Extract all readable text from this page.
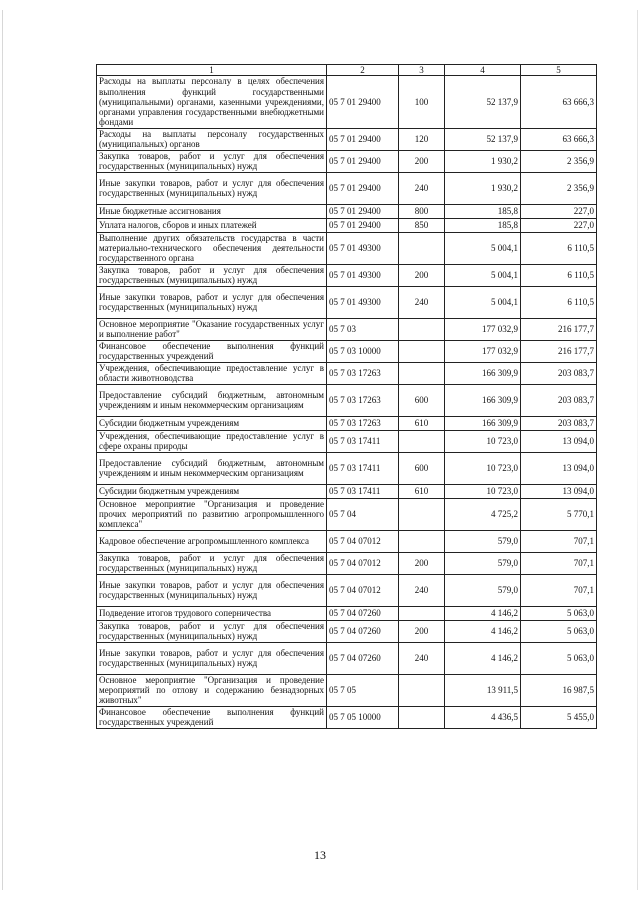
1	2	3	4	5
Расходы на выплаты персоналу в целях обеспечения выполнения функций государственными (муниципальными) органами, казенными учреждениями, органами управления государственными внебюджетными фондами	05 7 01 29400	100	52 137,9	63 666,3
Расходы на выплаты персоналу государственных (муниципальных) органов	05 7 01 29400	120	52 137,9	63 666,3
Закупка товаров, работ и услуг для обеспечения государственных (муниципальных) нужд	05 7 01 29400	200	1 930,2	2 356,9
Иные закупки товаров, работ и услуг для обеспечения государственных (муниципальных) нужд	05 7 01 29400	240	1 930,2	2 356,9
Иные бюджетные ассигнования	05 7 01 29400	800	185,8	227,0
Уплата налогов, сборов и иных платежей	05 7 01 29400	850	185,8	227,0
Выполнение других обязательств государства в части материально-технического обеспечения деятельности государственного органа	05 7 01 49300		5 004,1	6 110,5
Закупка товаров, работ и услуг для обеспечения государственных (муниципальных) нужд	05 7 01 49300	200	5 004,1	6 110,5
Иные закупки товаров, работ и услуг для обеспечения государственных (муниципальных) нужд	05 7 01 49300	240	5 004,1	6 110,5
Основное мероприятие "Оказание государственных услуг и выполнение работ"	05 7 03		177 032,9	216 177,7
Финансовое обеспечение выполнения функций государственных учреждений	05 7 03 10000		177 032,9	216 177,7
Учреждения, обеспечивающие предоставление услуг в области животноводства	05 7 03 17263		166 309,9	203 083,7
Предоставление субсидий бюджетным, автономным учреждениям и иным некоммерческим организациям	05 7 03 17263	600	166 309,9	203 083,7
Субсидии бюджетным учреждениям	05 7 03 17263	610	166 309,9	203 083,7
Учреждения, обеспечивающие предоставление услуг в сфере охраны природы	05 7 03 17411		10 723,0	13 094,0
Предоставление субсидий бюджетным, автономным учреждениям и иным некоммерческим организациям	05 7 03 17411	600	10 723,0	13 094,0
Субсидии бюджетным учреждениям	05 7 03 17411	610	10 723,0	13 094,0
Основное мероприятие "Организация и проведение прочих мероприятий по развитию агропромышленного комплекса"	05 7 04		4 725,2	5 770,1
Кадровое обеспечение агропромышленного комплекса	05 7 04 07012		579,0	707,1
Закупка товаров, работ и услуг для обеспечения государственных (муниципальных) нужд	05 7 04 07012	200	579,0	707,1
Иные закупки товаров, работ и услуг для обеспечения государственных (муниципальных) нужд	05 7 04 07012	240	579,0	707,1
Подведение итогов трудового соперничества	05 7 04 07260		4 146,2	5 063,0
Закупка товаров, работ и услуг для обеспечения государственных (муниципальных) нужд	05 7 04 07260	200	4 146,2	5 063,0
Иные закупки товаров, работ и услуг для обеспечения государственных (муниципальных) нужд	05 7 04 07260	240	4 146,2	5 063,0
Основное мероприятие "Организация и проведение мероприятий по отлову и содержанию безнадзорных животных"	05 7 05		13 911,5	16 987,5
Финансовое обеспечение выполнения функций государственных учреждений	05 7 05 10000		4 436,5	5 455,0
13
